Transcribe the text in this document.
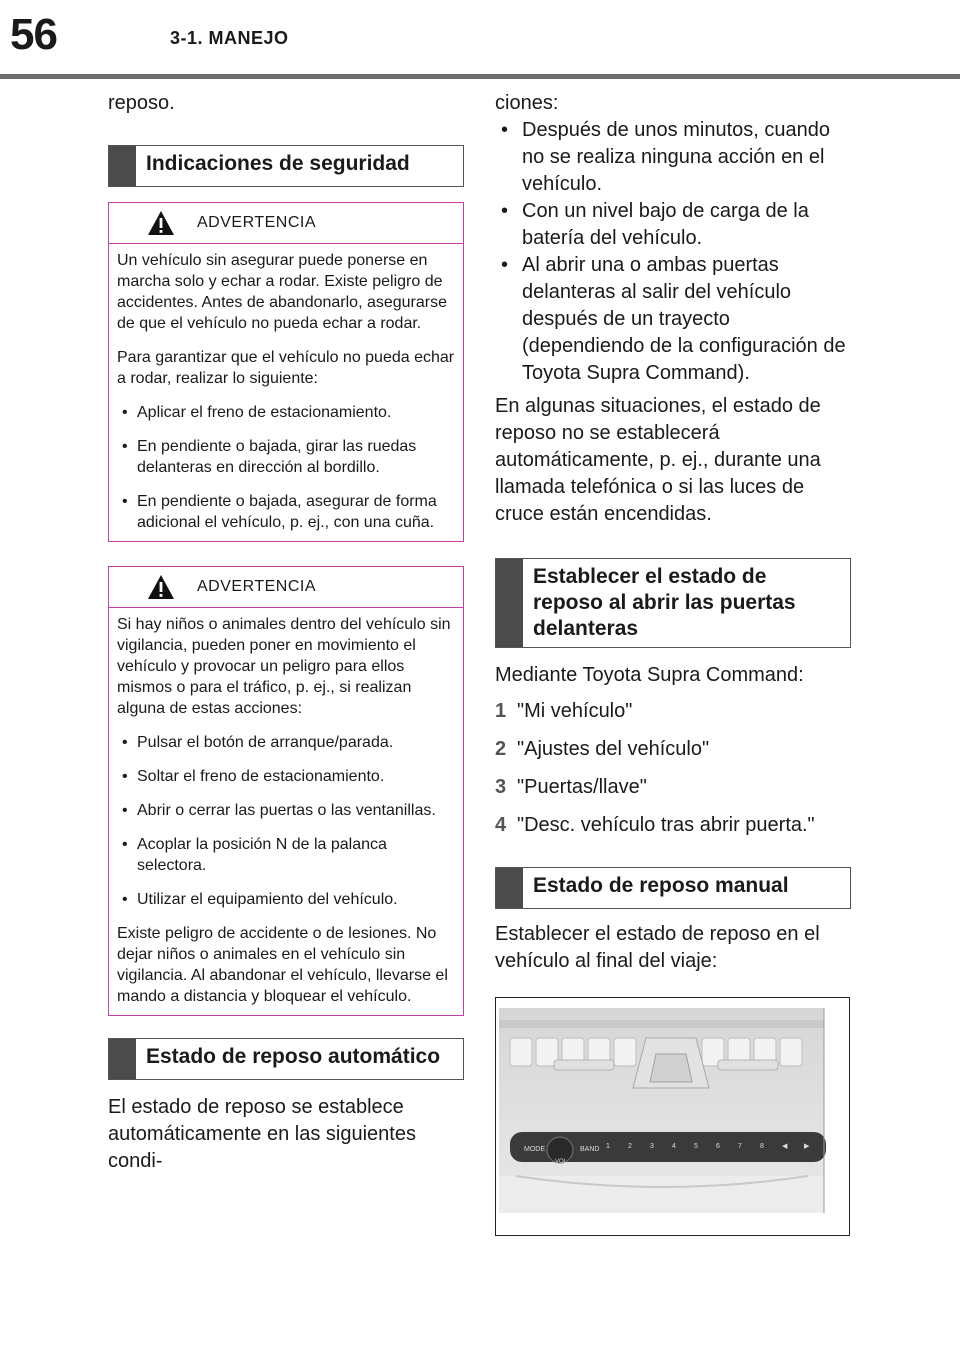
56	3-1. MANEJO

reposo.

Indicaciones de seguridad
ADVERTENCIA

Un vehículo sin asegurar puede ponerse en marcha solo y echar a rodar. Existe peligro de accidentes. Antes de abandonarlo, asegurarse de que el vehículo no pueda echar a rodar.

Para garantizar que el vehículo no pueda echar a rodar, realizar lo siguiente:

• Aplicar el freno de estacionamiento.
• En pendiente o bajada, girar las ruedas delanteras en dirección al bordillo.
• En pendiente o bajada, asegurar de forma adicional el vehículo, p. ej., con una cuña.
ADVERTENCIA

Si hay niños o animales dentro del vehículo sin vigilancia, pueden poner en movimiento el vehículo y provocar un peligro para ellos mismos o para el tráfico, p. ej., si realizan alguna de estas acciones:

• Pulsar el botón de arranque/parada.
• Soltar el freno de estacionamiento.
• Abrir o cerrar las puertas o las ventanillas.
• Acoplar la posición N de la palanca selectora.
• Utilizar el equipamiento del vehículo.

Existe peligro de accidente o de lesiones. No dejar niños o animales en el vehículo sin vigilancia. Al abandonar el vehículo, llevarse el mando a distancia y bloquear el vehículo.

Estado de reposo automático

El estado de reposo se establece automáticamente en las siguientes condi-

ciones:

• Después de unos minutos, cuando no se realiza ninguna acción en el vehículo.
• Con un nivel bajo de carga de la batería del vehículo.
• Al abrir una o ambas puertas delanteras al salir del vehículo después de un trayecto (dependiendo de la configuración de Toyota Supra Command).

En algunas situaciones, el estado de reposo no se establecerá automáticamente, p. ej., durante una llamada telefónica o si las luces de cruce están encendidas.

Establecer el estado de reposo al abrir las puertas delanteras

Mediante Toyota Supra Command:

1 "Mi vehículo"
2 "Ajustes del vehículo"
3 "Puertas/llave"
4 "Desc. vehículo tras abrir puerta."
Estado de reposo manual

Establecer el estado de reposo en el vehículo al final del viaje:

MODE
VOL
BAND 1	2	3	4	5	6	7	8	◀ ▶
